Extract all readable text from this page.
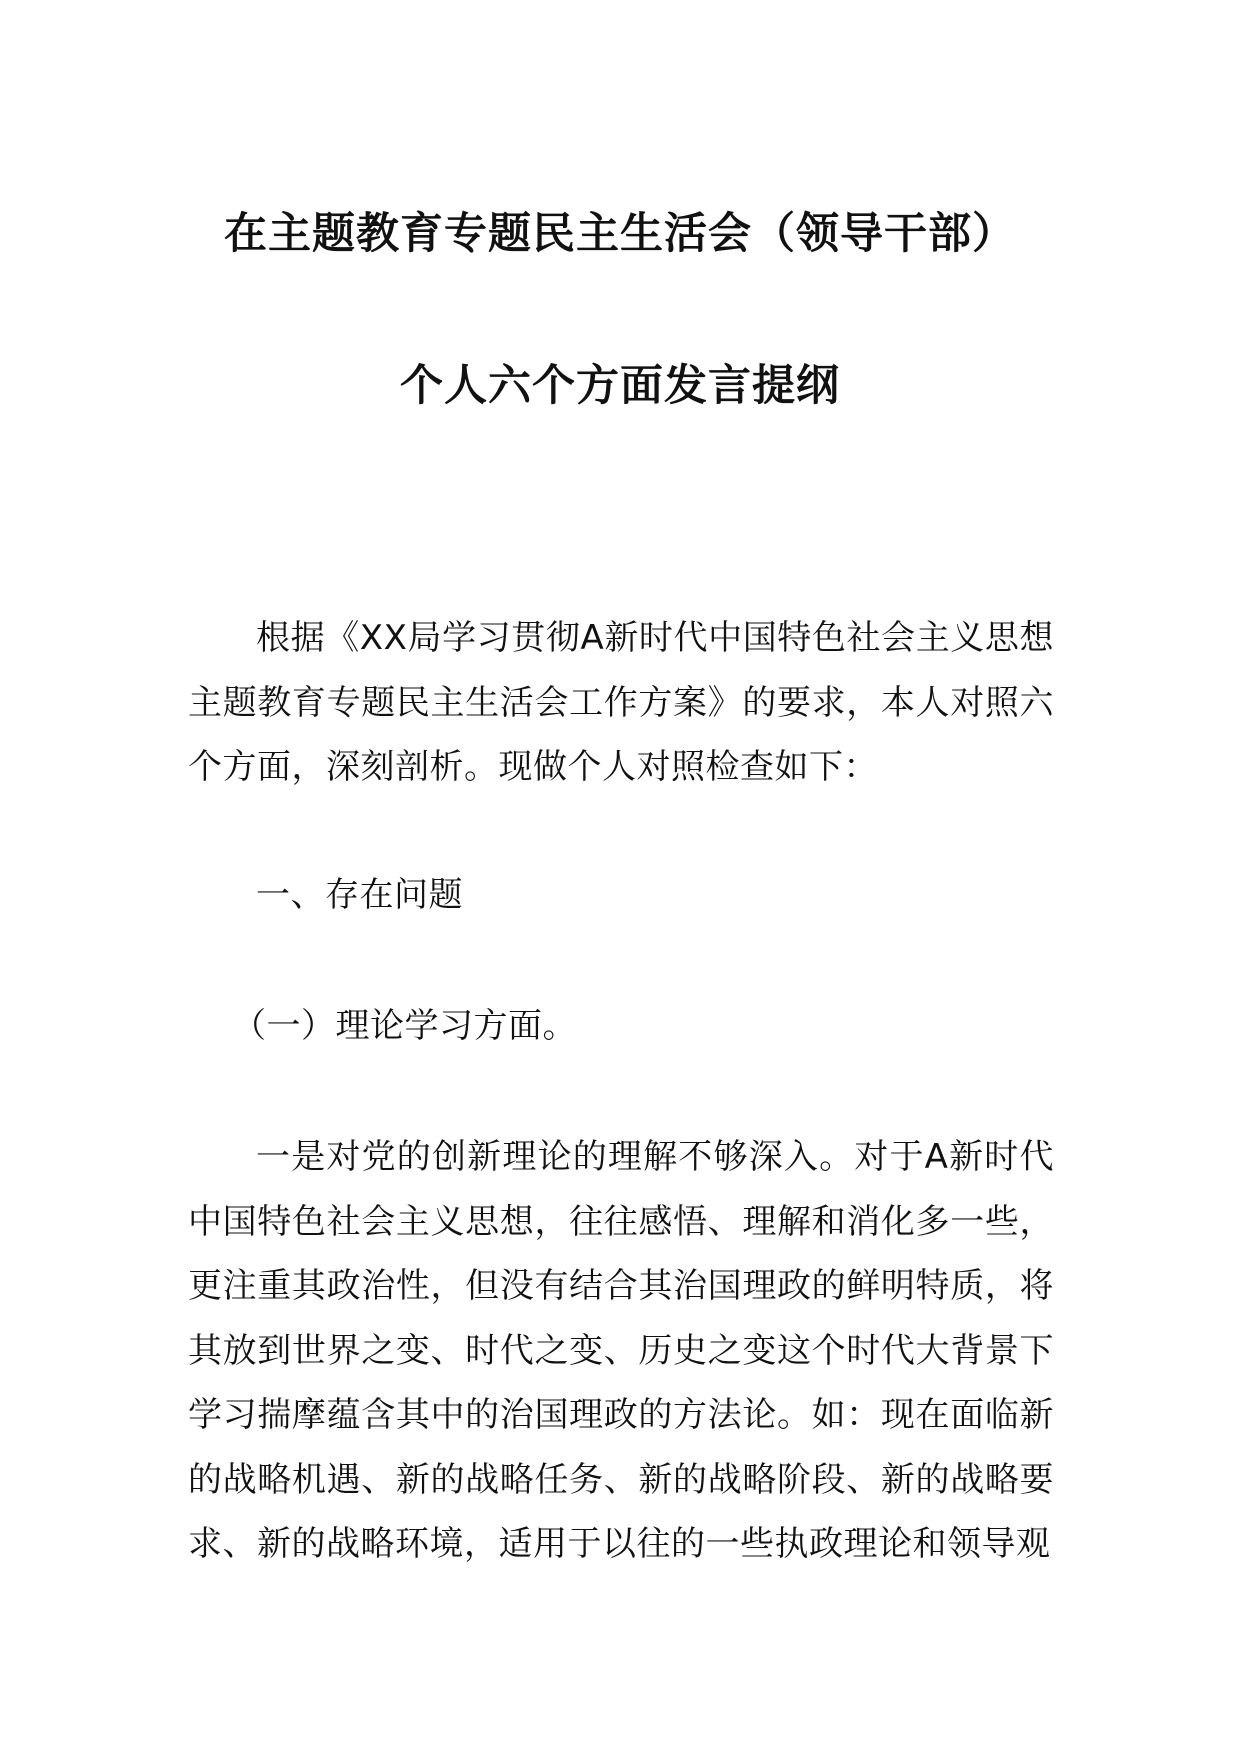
在主题教育专题民主生活会（领导干部）
个人六个方面发言提纲

根据《XX局学习贯彻A新时代中国特色社会主义思想主题教育专题民主生活会工作方案》的要求，本人对照六个方面，深刻剖析。现做个人对照检查如下：

一、存在问题
（一）理论学习方面。

一是对党的创新理论的理解不够深入。对于A新时代中国特色社会主义思想，往往感悟、理解和消化多一些，更注重其政治性，但没有结合其治国理政的鲜明特质，将其放到世界之变、时代之变、历史之变这个时代大背景下学习揣摩蕴含其中的治国理政的方法论。如：现在面临新的战略机遇、新的战略任务、新的战略阶段、新的战略要求、新的战略环境，适用于以往的一些执政理论和领导观
